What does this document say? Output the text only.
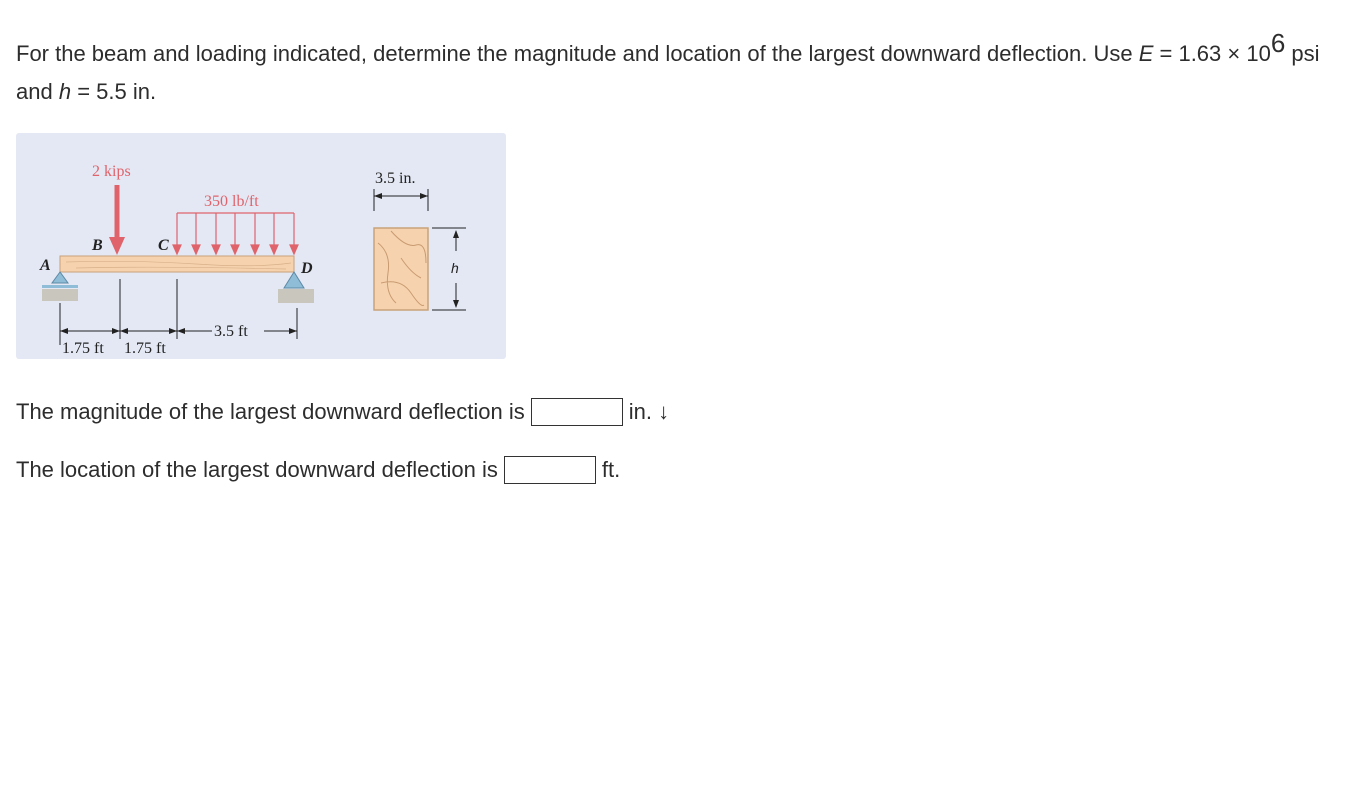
For the beam and loading indicated, determine the magnitude and location of the largest downward deflection. Use $E = 1.63 \times 10^6$ psi and h = 5.5 in.
2 kips
350 lb/ft
A
B	C
D
1.75 ft 1.75 ft
3.5 ft
3.5 in.
h
The magnitude of the largest downward deflection is	in. ↓
The location of the largest downward deflection is	ft.
